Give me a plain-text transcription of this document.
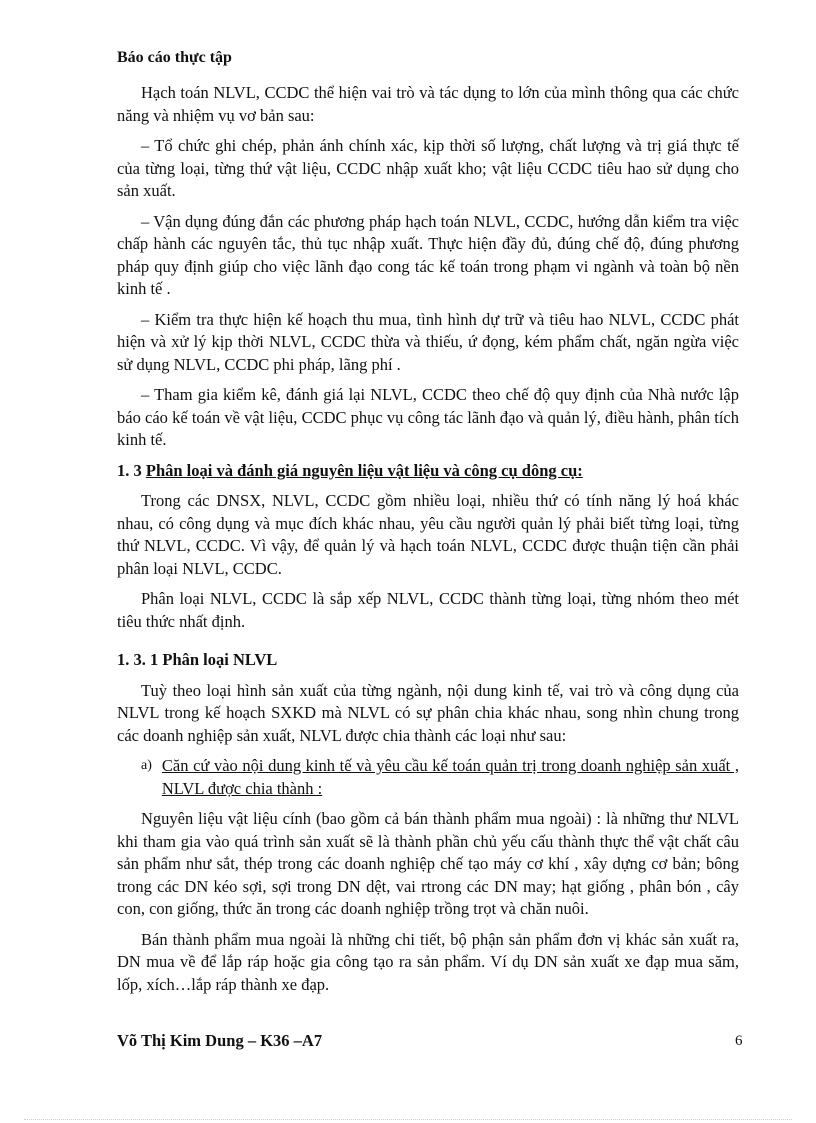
Báo cáo thực tập

Hạch toán NLVL, CCDC thể hiện vai trò và tác dụng to lớn của mình thông qua các chức năng và nhiệm vụ vơ bản sau:

– Tổ chức ghi chép, phản ánh chính xác, kịp thời số lượng, chất lượng và trị giá thực tế của từng loại, từng thứ vật liệu, CCDC nhập xuất kho; vật liệu CCDC tiêu hao sử dụng cho sản xuất.

– Vận dụng đúng đắn các phương pháp hạch toán NLVL, CCDC, hướng dẫn kiểm tra việc chấp hành các nguyên tắc, thủ tục nhập xuất. Thực hiện đầy đủ, đúng chế độ, đúng phương pháp quy định giúp cho việc lãnh đạo cong tác kế toán trong phạm vi ngành và toàn bộ nền kinh tế .

– Kiểm tra thực hiện kế hoạch thu mua, tình hình dự trữ và tiêu hao NLVL, CCDC phát hiện và xử lý kịp thời NLVL, CCDC thừa và thiếu, ứ đọng, kém phẩm chất, ngăn ngừa việc sử dụng NLVL, CCDC phi pháp, lãng phí .

– Tham gia kiểm kê, đánh giá lại NLVL, CCDC theo chế độ quy định của Nhà nước lập báo cáo kế toán về vật liệu, CCDC phục vụ công tác lãnh đạo và quản lý, điều hành, phân tích kinh tế.

1. 3 Phân loại và đánh giá nguyên liệu vật liệu và công cụ dông cụ:

Trong các DNSX, NLVL, CCDC gồm nhiều loại, nhiều thứ có tính năng lý hoá khác nhau, có công dụng và mục đích khác nhau, yêu cầu người quản lý phải biết từng loại, từng thứ NLVL, CCDC. Vì vậy, để quản lý và hạch toán NLVL, CCDC được thuận tiện cần phải phân loại NLVL, CCDC.

Phân loại NLVL, CCDC là sắp xếp NLVL, CCDC thành từng loại, từng nhóm theo mét tiêu thức nhất định.

1. 3. 1 Phân loại NLVL

Tuỳ theo loại hình sản xuất của từng ngành, nội dung kinh tế, vai trò và công dụng của NLVL trong kế hoạch SXKD mà NLVL có sự phân chia khác nhau, song nhìn chung trong các doanh nghiệp sản xuất, NLVL được chia thành các loại như sau:

a) Căn cứ vào nội dung kinh tế và yêu cầu kế toán quản trị trong doanh nghiệp sản xuất , NLVL được chia thành :

Nguyên liệu vật liệu cính (bao gồm cả bán thành phẩm mua ngoài) : là những thư NLVL khi tham gia vào quá trình sản xuất sẽ là thành phần chủ yếu cấu thành thực thể vật chất câu sản phẩm như sắt, thép trong các doanh nghiệp chế tạo máy cơ khí , xây dựng cơ bản; bông trong các DN kéo sợi, sợi trong DN dệt, vai rtrong các DN may; hạt giống , phân bón , cây con, con giống, thức ăn trong các doanh nghiệp trồng trọt và chăn nuôi.

Bán thành phẩm mua ngoài là những chi tiết, bộ phận sản phẩm đơn vị khác sản xuất ra, DN mua về để lắp ráp hoặc gia công tạo ra sản phẩm. Ví dụ DN sản xuất xe đạp mua săm, lốp, xích…lắp ráp thành xe đạp.

Võ Thị Kim Dung – K36 –A7	6
